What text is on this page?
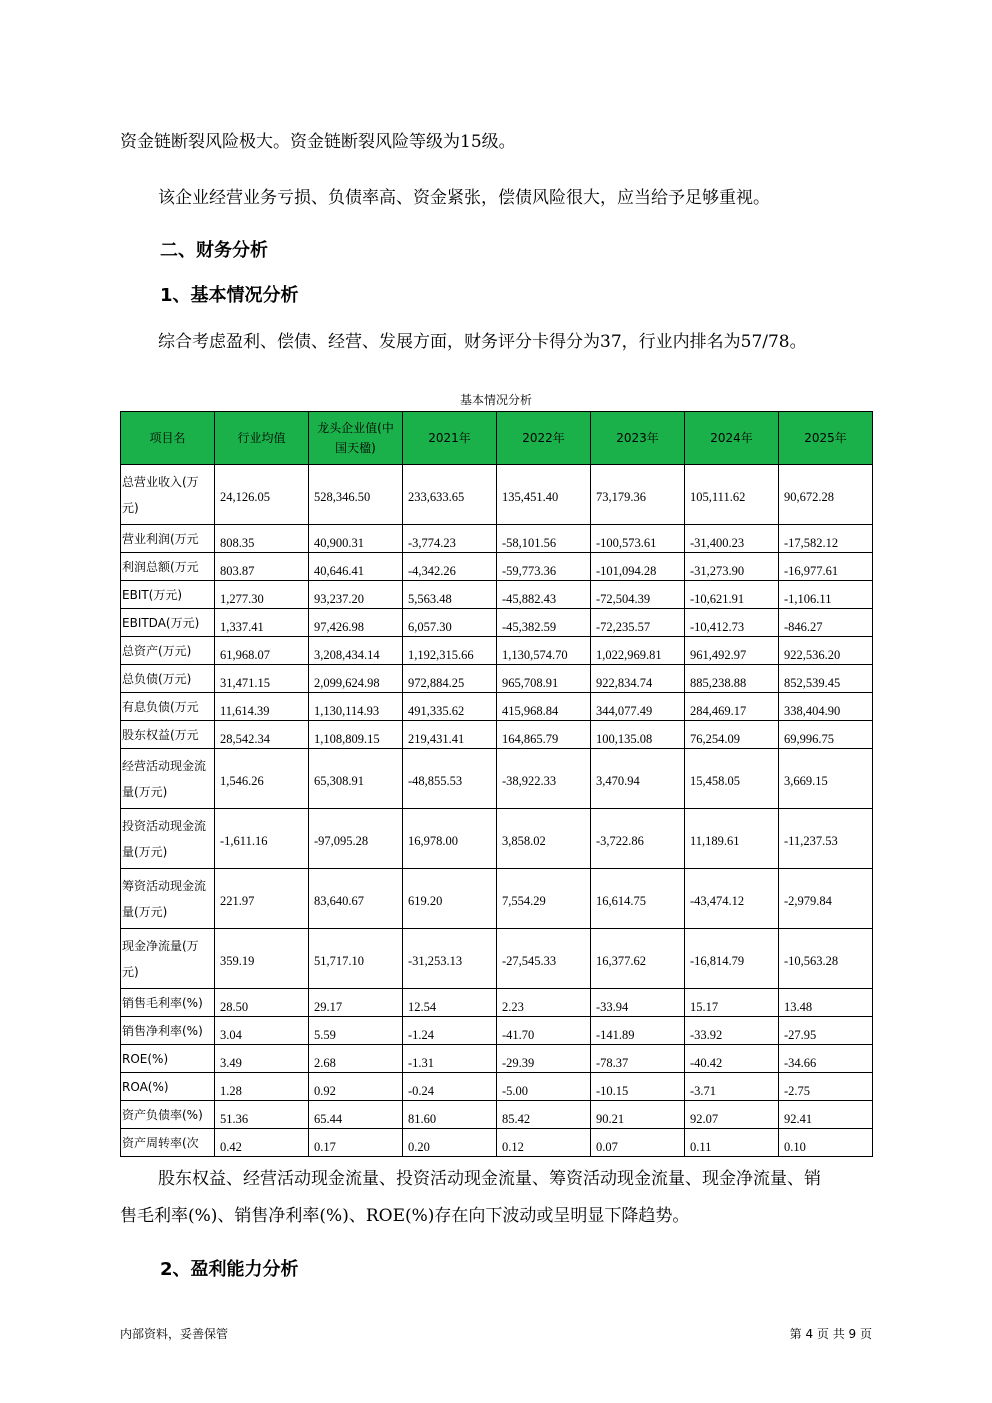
资金链断裂风险极大。资金链断裂风险等级为15级。
该企业经营业务亏损、负债率高、资金紧张，偿债风险很大，应当给予足够重视。
二、财务分析
1、基本情况分析
综合考虑盈利、偿债、经营、发展方面，财务评分卡得分为37，行业内排名为57/78。
基本情况分析
项目名	行业均值	龙头企业值(中国天楹)	2021年	2022年	2023年	2024年	2025年

总营业收入(万元)	24,126.05	528,346.50	233,633.65	135,451.40	73,179.36	105,111.62	90,672.28

营业利润(万元	808.35	40,900.31	-3,774.23	-58,101.56	-100,573.61	-31,400.23	-17,582.12

利润总额(万元	803.87	40,646.41	-4,342.26	-59,773.36	-101,094.28	-31,273.90	-16,977.61

EBIT(万元)	1,277.30	93,237.20	5,563.48	-45,882.43	-72,504.39	-10,621.91	-1,106.11

EBITDA(万元)	1,337.41	97,426.98	6,057.30	-45,382.59	-72,235.57	-10,412.73	-846.27

总资产(万元)	61,968.07	3,208,434.14	1,192,315.66	1,130,574.70	1,022,969.81	961,492.97	922,536.20

总负债(万元)	31,471.15	2,099,624.98	972,884.25	965,708.91	922,834.74	885,238.88	852,539.45

有息负债(万元	11,614.39	1,130,114.93	491,335.62	415,968.84	344,077.49	284,469.17	338,404.90

股东权益(万元	28,542.34	1,108,809.15	219,431.41	164,865.79	100,135.08	76,254.09	69,996.75

经营活动现金流量(万元)	1,546.26	65,308.91	-48,855.53	-38,922.33	3,470.94	15,458.05	3,669.15

投资活动现金流量(万元)	-1,611.16	-97,095.28	16,978.00	3,858.02	-3,722.86	11,189.61	-11,237.53

筹资活动现金流量(万元)	221.97	83,640.67	619.20	7,554.29	16,614.75	-43,474.12	-2,979.84

现金净流量(万元)	359.19	51,717.10	-31,253.13	-27,545.33	16,377.62	-16,814.79	-10,563.28

销售毛利率(%)	28.50	29.17	12.54	2.23	-33.94	15.17	13.48

销售净利率(%)	3.04	5.59	-1.24	-41.70	-141.89	-33.92	-27.95

ROE(%)	3.49	2.68	-1.31	-29.39	-78.37	-40.42	-34.66

ROA(%)	1.28	0.92	-0.24	-5.00	-10.15	-3.71	-2.75

资产负债率(%)	51.36	65.44	81.60	85.42	90.21	92.07	92.41

资产周转率(次	0.42	0.17	0.20	0.12	0.07	0.11	0.10
股东权益、经营活动现金流量、投资活动现金流量、筹资活动现金流量、现金净流量、销
售毛利率(%)、销售净利率(%)、ROE(%)存在向下波动或呈明显下降趋势。
2、盈利能力分析
内部资料，妥善保管	第 4 页 共 9 页
